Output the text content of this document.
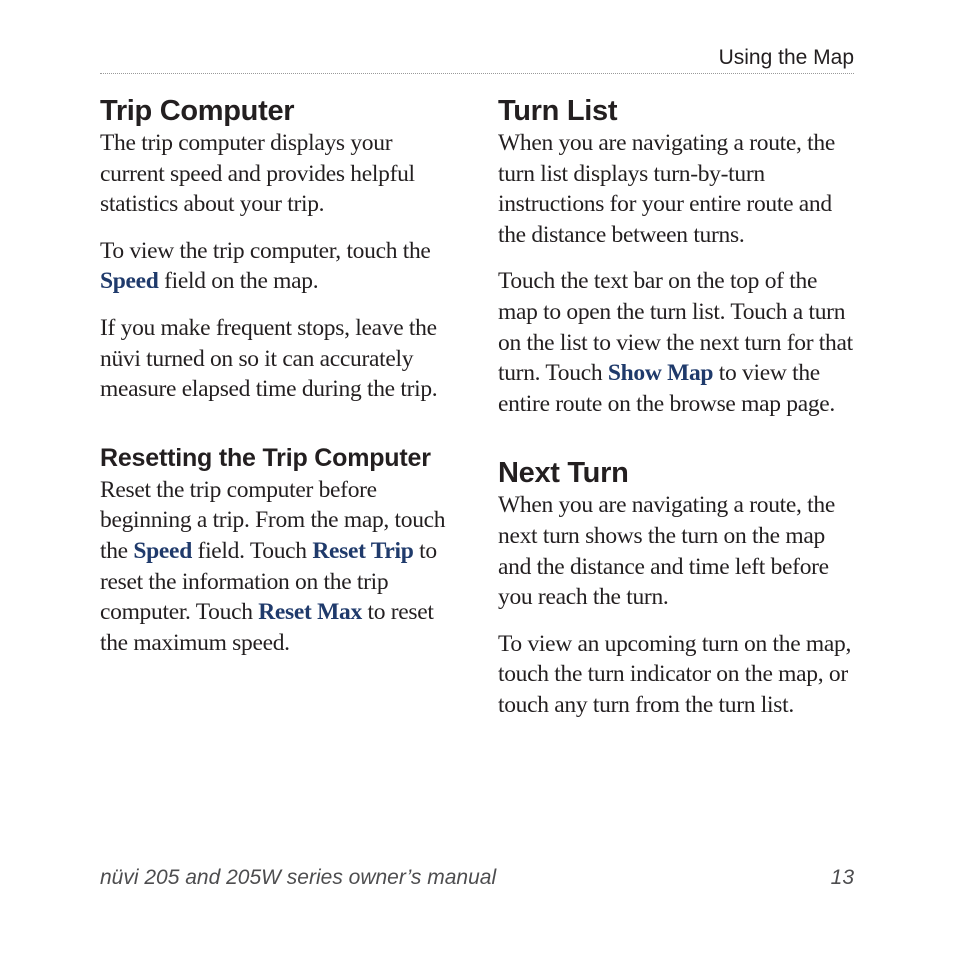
Using the Map
Trip Computer

The trip computer displays your current speed and provides helpful statistics about your trip.

To view the trip computer, touch the Speed field on the map.

If you make frequent stops, leave the nüvi turned on so it can accurately measure elapsed time during the trip.

Resetting the Trip Computer

Reset the trip computer before beginning a trip. From the map, touch the Speed field. Touch Reset Trip to reset the information on the trip computer. Touch Reset Max to reset the maximum speed.

Turn List

When you are navigating a route, the turn list displays turn-by-turn instructions for your entire route and the distance between turns.

Touch the text bar on the top of the map to open the turn list. Touch a turn on the list to view the next turn for that turn. Touch Show Map to view the entire route on the browse map page.

Next Turn

When you are navigating a route, the next turn shows the turn on the map and the distance and time left before you reach the turn.

To view an upcoming turn on the map, touch the turn indicator on the map, or touch any turn from the turn list.

nüvi 205 and 205W series owner’s manual	13
